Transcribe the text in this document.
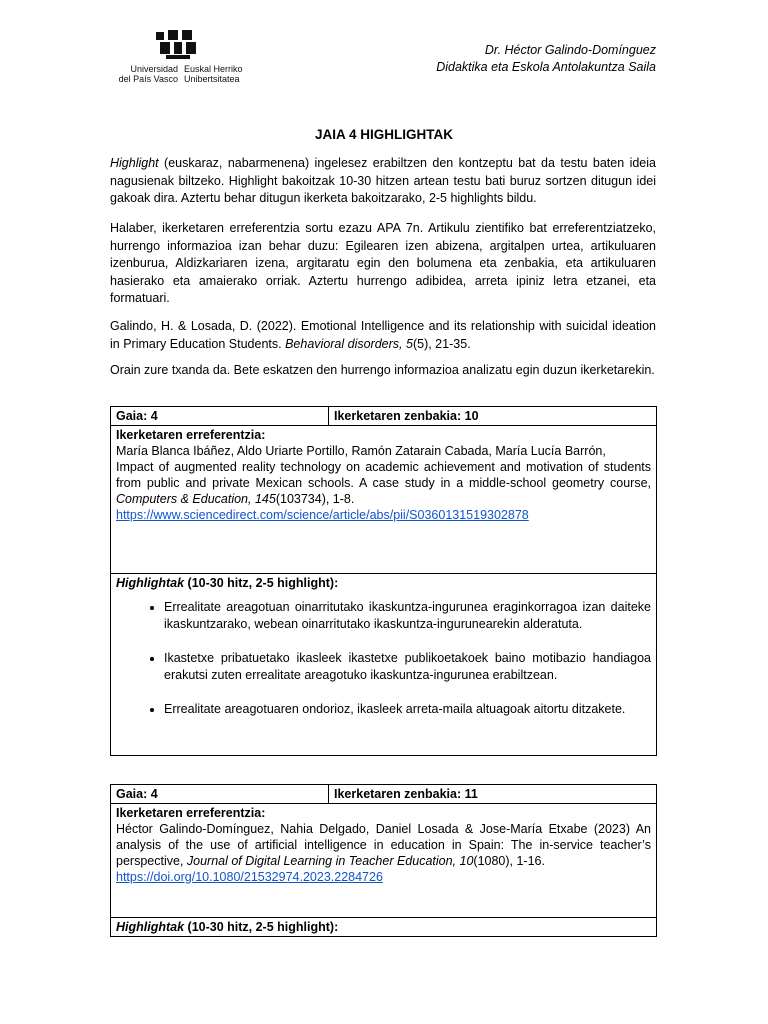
Universidad
del País Vasco
Euskal Herriko
Unibertsitatea
Dr. Héctor Galindo-Domínguez
Didaktika eta Eskola Antolakuntza Saila
JAIA 4 HIGHLIGHTAK
Highlight (euskaraz, nabarmenena) ingelesez erabiltzen den kontzeptu bat da testu baten ideia nagusienak biltzeko. Highlight bakoitzak 10-30 hitzen artean testu bati buruz sortzen ditugun idei gakoak dira. Aztertu behar ditugun ikerketa bakoitzarako, 2-5 highlights bildu.
Halaber, ikerketaren erreferentzia sortu ezazu APA 7n. Artikulu zientifiko bat erreferentziatzeko, hurrengo informazioa izan behar duzu: Egilearen izen abizena, argitalpen urtea, artikuluaren izenburua, Aldizkariaren izena, argitaratu egin den bolumena eta zenbakia, eta artikuluaren hasierako eta amaierako orriak. Aztertu hurrengo adibidea, arreta ipiniz letra etzanei, eta formatuari.
Galindo, H. & Losada, D. (2022). Emotional Intelligence and its relationship with suicidal ideation in Primary Education Students. Behavioral disorders, 5(5), 21-35.
Orain zure txanda da. Bete eskatzen den hurrengo informazioa analizatu egin duzun ikerketarekin.
Gaia: 4	Ikerketaren zenbakia: 10

Ikerketaren erreferentzia:
María Blanca Ibáñez, Aldo Uriarte Portillo, Ramón Zatarain Cabada, María Lucía Barrón,
Impact of augmented reality technology on academic achievement and motivation of students from public and private Mexican schools. A case study in a middle-school geometry course, Computers & Education, 145(103734), 1-8.
https://www.sciencedirect.com/science/article/abs/pii/S0360131519302878

Highlightak (10-30 hitz, 2-5 highlight):
• Errealitate areagotuan oinarritutako ikaskuntza-ingurunea eraginkorragoa izan daiteke ikaskuntzarako, webean oinarritutako ikaskuntza-ingurunearekin alderatuta.
• Ikastetxe pribatuetako ikasleek ikastetxe publikoetakoek baino motibazio handiagoa erakutsi zuten errealitate areagotuko ikaskuntza-ingurunea erabiltzean.
• Errealitate areagotuaren ondorioz, ikasleek arreta-maila altuagoak aitortu ditzakete.
Gaia: 4	Ikerketaren zenbakia: 11

Ikerketaren erreferentzia:
Héctor Galindo-Domínguez, Nahia Delgado, Daniel Losada & Jose-María Etxabe (2023) An analysis of the use of artificial intelligence in education in Spain: The in-service teacher’s perspective, Journal of Digital Learning in Teacher Education, 10(1080), 1-16.
https://doi.org/10.1080/21532974.2023.2284726

Highlightak (10-30 hitz, 2-5 highlight):
